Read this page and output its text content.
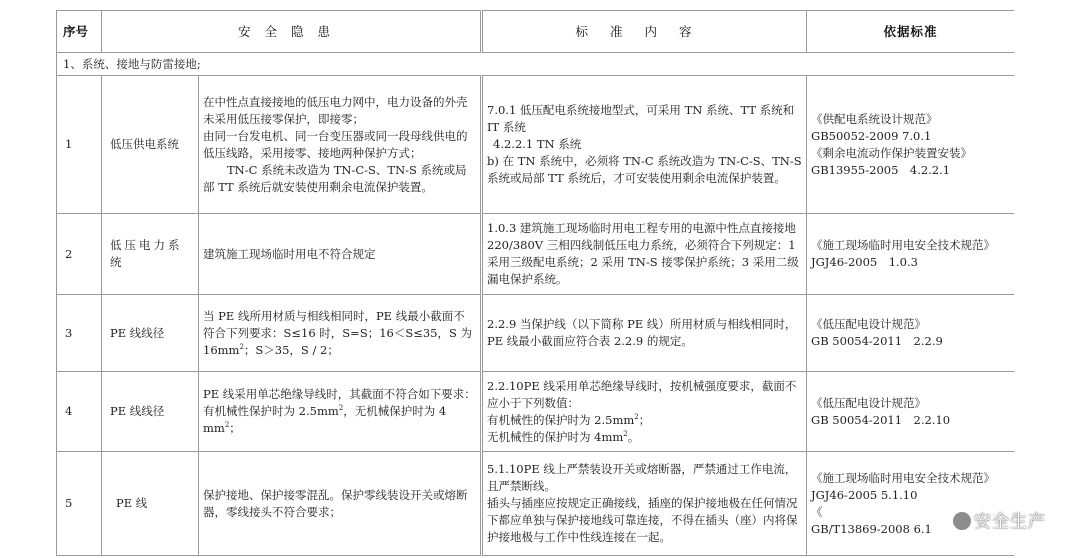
序号	安全隐患		标准内容	依据标准
1、系统、接地与防雷接地;				
1	低压供电系统	在中性点直接接地的低压电力网中，电力设备的外壳未采用低压接零保护，即接零；
由同一台发电机、同一台变压器或同一段母线供电的低压线路，采用接零、接地两种保护方式；
TN-C 系统未改造为 TN-C-S、TN-S 系统或局部 TT 系统后就安装使用剩余电流保护装置。	7.0.1 低压配电系统接地型式，可采用 TN 系统、TT 系统和 IT 系统
4.2.2.1 TN 系统
b) 在 TN 系统中，必须将 TN-C 系统改造为 TN-C-S、TN-S 系统或局部 TT 系统后，才可安装使用剩余电流保护装置。	《供配电系统设计规范》
GB50052-2009 7.0.1
《剩余电流动作保护装置安装》
GB13955-2005　4.2.2.1
2	低压电力系统	建筑施工现场临时用电不符合规定	1.0.3 建筑施工现场临时用电工程专用的电源中性点直接接地 220/380V 三相四线制低压电力系统，必须符合下列规定：1 采用三级配电系统；2 采用 TN-S 接零保护系统；3 采用二级漏电保护系统。	《施工现场临时用电安全技术规范》JGJ46-2005　1.0.3
3	PE 线线径	当 PE 线所用材质与相线相同时，PE 线最小截面不符合下列要求：S≤16 时，S=S；16＜S≤35，S 为 $16mm^2$；S＞35，S / 2；	2.2.9 当保护线（以下简称 PE 线）所用材质与相线相同时，PE 线最小截面应符合表 2.2.9 的规定。	《低压配电设计规范》
GB 50054-2011　2.2.9
4	PE 线线径	PE 线采用单芯绝缘导线时，其截面不符合如下要求：有机械性保护时为 $2.5mm^2$，无机械保护时为 4 $mm^2$；	2.2.10PE 线采用单芯绝缘导线时，按机械强度要求，截面不应小于下列数值：
有机械性的保护时为 $2.5mm^2$；
无机械性的保护时为 $4mm^2$。	《低压配电设计规范》
GB 50054-2011　2.2.10
5	PE 线	保护接地、保护接零混乱。保护零线装设开关或熔断器，零线接头不符合要求；	5.1.10PE 线上严禁装设开关或熔断器，严禁通过工作电流，且严禁断线。
插头与插座应按规定正确接线，插座的保护接地极在任何情况下都应单独与保护接地线可靠连接，不得在插头（座）内将保护接地极与工作中性线连接在一起。	《施工现场临时用电安全技术规范》JGJ46-2005 5.1.10
《
GB/T13869-2008 6.1	安全生产
